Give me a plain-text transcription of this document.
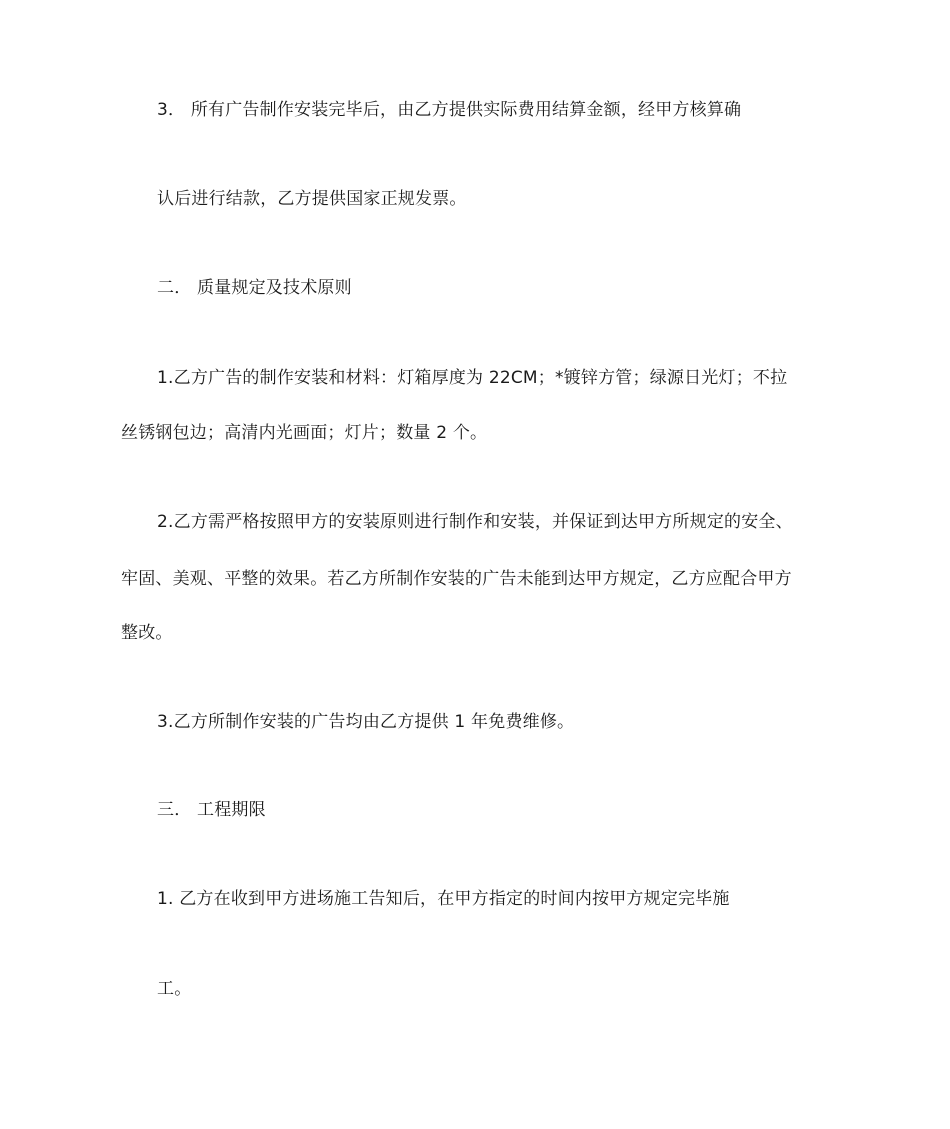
3． 所有广告制作安装完毕后，由乙方提供实际费用结算金额，经甲方核算确
认后进行结款，乙方提供国家正规发票。
二． 质量规定及技术原则
1.乙方广告的制作安装和材料：灯箱厚度为 22CM；*镀锌方管；绿源日光灯；不拉
丝锈钢包边；高清内光画面；灯片；数量 2 个。
2.乙方需严格按照甲方的安装原则进行制作和安装，并保证到达甲方所规定的安全、
牢固、美观、平整的效果。若乙方所制作安装的广告未能到达甲方规定，乙方应配合甲方
整改。
3.乙方所制作安装的广告均由乙方提供 1 年免费维修。
三． 工程期限
1. 乙方在收到甲方进场施工告知后，在甲方指定的时间内按甲方规定完毕施
工。
